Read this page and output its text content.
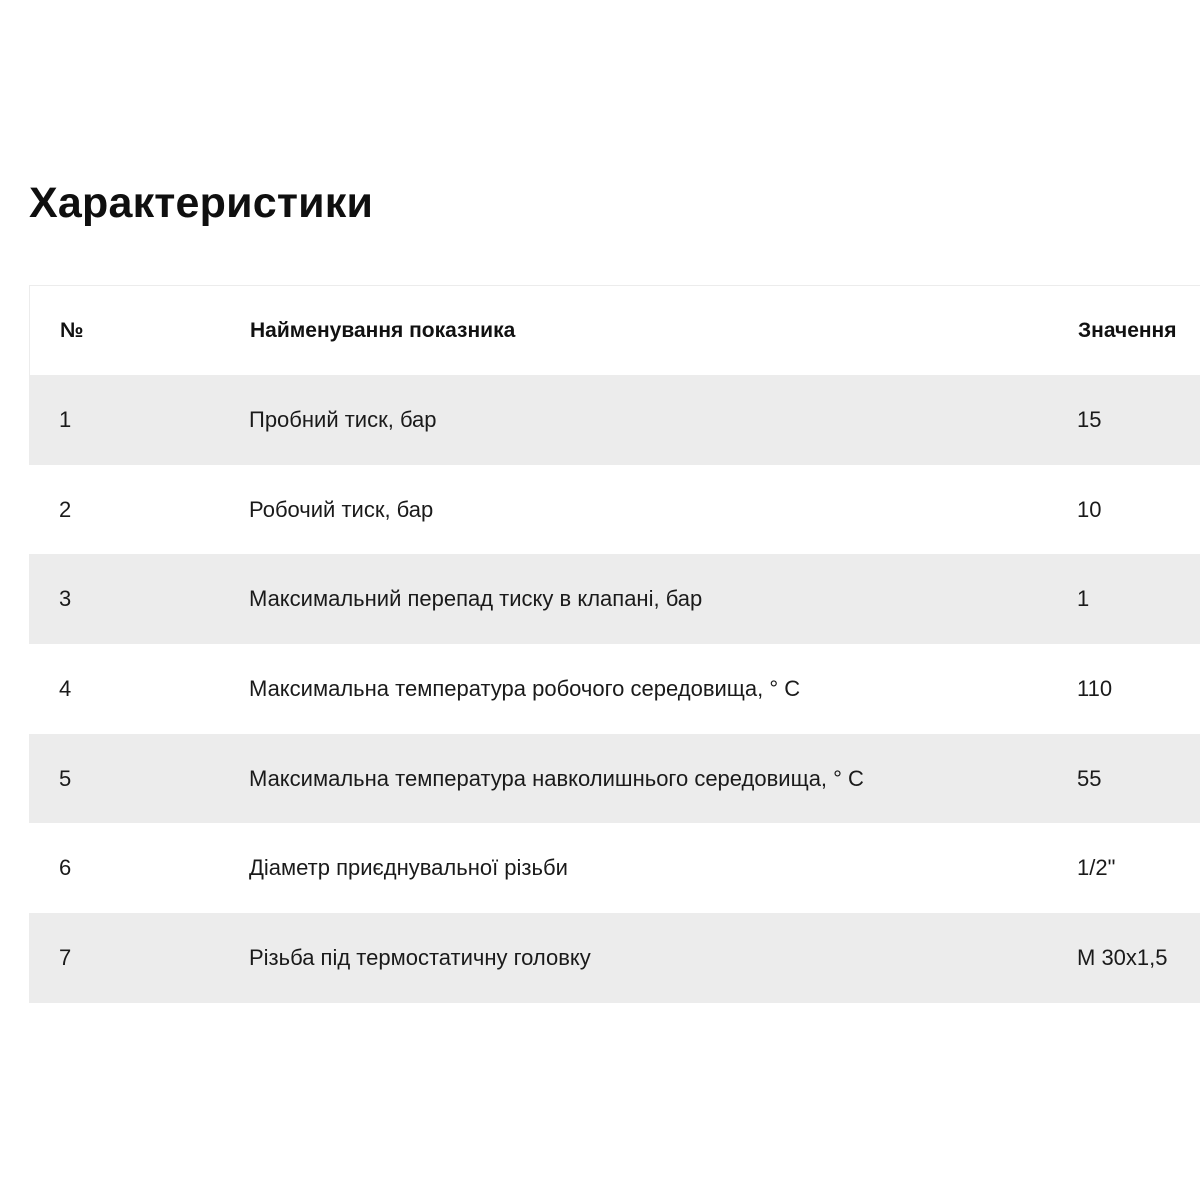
Характеристики
№	Найменування показника	Значення
1	Пробний тиск, бар	15
2	Робочий тиск, бар	10
3	Максимальний перепад тиску в клапані, бар	1
4	Максимальна температура робочого середовища, ° С	110
5	Максимальна температура навколишнього середовища, ° С	55
6	Діаметр приєднувальної різьби	1/2"
7	Різьба під термостатичну головку	М 30х1,5
